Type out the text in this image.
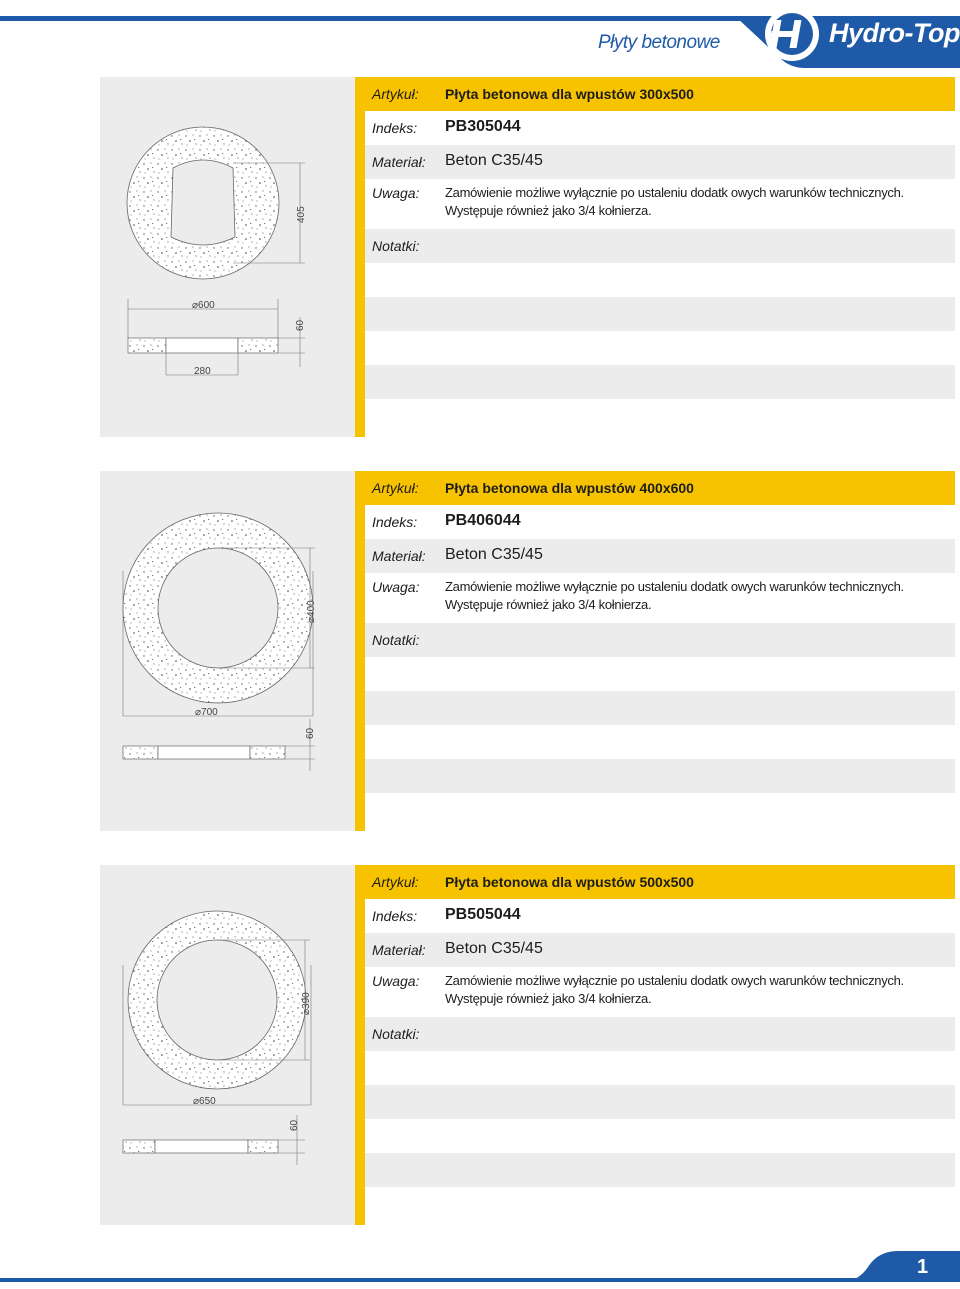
Płyty betonowe	Hydro-Top
405
⌀600
60
280
Artykuł: Płyta betonowa dla wpustów 300x500
Indeks: PB305044
Materiał: Beton C35/45
Uwaga: Zamówienie możliwe wyłącznie po ustaleniu dodatk owych warunków technicznych.
Występuje również jako 3/4 kołnierza.
Notatki:
⌀400
⌀700
60
Artykuł: Płyta betonowa dla wpustów 400x600
Indeks: PB406044
Materiał: Beton C35/45
Uwaga: Zamówienie możliwe wyłącznie po ustaleniu dodatk owych warunków technicznych.
Występuje również jako 3/4 kołnierza.
Notatki:
⌀390
⌀650
60
Artykuł: Płyta betonowa dla wpustów 500x500
Indeks: PB505044
Materiał: Beton C35/45
Uwaga: Zamówienie możliwe wyłącznie po ustaleniu dodatk owych warunków technicznych.
Występuje również jako 3/4 kołnierza.
Notatki:
1
